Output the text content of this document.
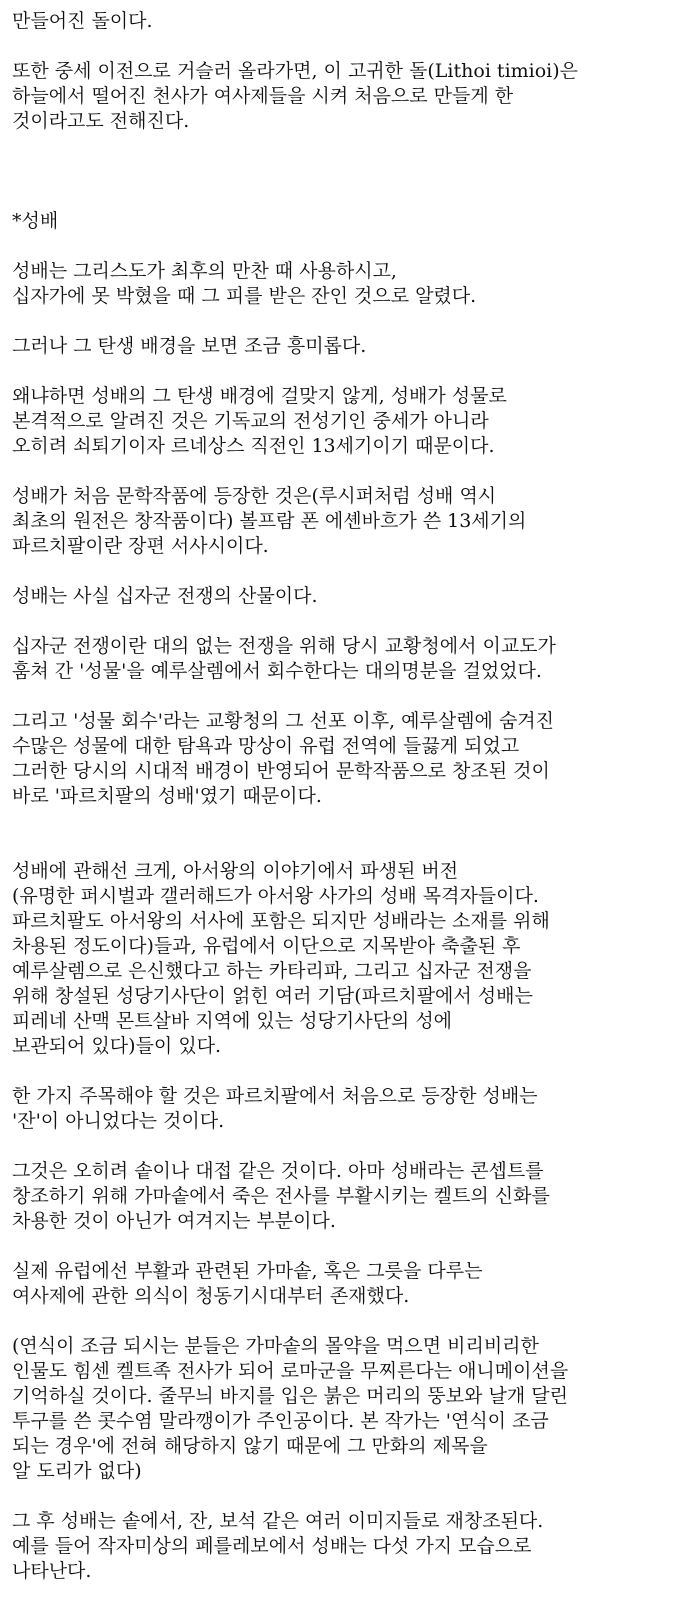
만들어진 돌이다.

또한 중세 이전으로 거슬러 올라가면, 이 고귀한 돌(Lithoi timioi)은
하늘에서 떨어진 천사가 여사제들을 시켜 처음으로 만들게 한
것이라고도 전해진다.

*성배

성배는 그리스도가 최후의 만찬 때 사용하시고,
십자가에 못 박혔을 때 그 피를 받은 잔인 것으로 알렸다.

그러나 그 탄생 배경을 보면 조금 흥미롭다.

왜냐하면 성배의 그 탄생 배경에 걸맞지 않게, 성배가 성물로
본격적으로 알려진 것은 기독교의 전성기인 중세가 아니라
오히려 쇠퇴기이자 르네상스 직전인 13세기이기 때문이다.

성배가 처음 문학작품에 등장한 것은(루시퍼처럼 성배 역시
최초의 원전은 창작품이다) 볼프람 폰 에셴바흐가 쓴 13세기의
파르치팔이란 장편 서사시이다.

성배는 사실 십자군 전쟁의 산물이다.

십자군 전쟁이란 대의 없는 전쟁을 위해 당시 교황청에서 이교도가
훔쳐 간 '성물'을 예루살렘에서 회수한다는 대의명분을 걸었었다.

그리고 '성물 회수'라는 교황청의 그 선포 이후, 예루살렘에 숨겨진
수많은 성물에 대한 탐욕과 망상이 유럽 전역에 들끓게 되었고
그러한 당시의 시대적 배경이 반영되어 문학작품으로 창조된 것이
바로 '파르치팔의 성배'였기 때문이다.

성배에 관해선 크게, 아서왕의 이야기에서 파생된 버전
(유명한 퍼시벌과 갤러해드가 아서왕 사가의 성배 목격자들이다.
파르치팔도 아서왕의 서사에 포함은 되지만 성배라는 소재를 위해
차용된 정도이다)들과, 유럽에서 이단으로 지목받아 축출된 후
예루살렘으로 은신했다고 하는 카타리파, 그리고 십자군 전쟁을
위해 창설된 성당기사단이 얽힌 여러 기담(파르치팔에서 성배는
피레네 산맥 몬트살바 지역에 있는 성당기사단의 성에
보관되어 있다)들이 있다.

한 가지 주목해야 할 것은 파르치팔에서 처음으로 등장한 성배는
'잔'이 아니었다는 것이다.

그것은 오히려 솥이나 대접 같은 것이다. 아마 성배라는 콘셉트를
창조하기 위해 가마솥에서 죽은 전사를 부활시키는 켈트의 신화를
차용한 것이 아닌가 여겨지는 부분이다.

실제 유럽에선 부활과 관련된 가마솥, 혹은 그릇을 다루는
여사제에 관한 의식이 청동기시대부터 존재했다.

(연식이 조금 되시는 분들은 가마솥의 몰약을 먹으면 비리비리한
인물도 힘센 켈트족 전사가 되어 로마군을 무찌른다는 애니메이션을
기억하실 것이다. 줄무늬 바지를 입은 붉은 머리의 뚱보와 날개 달린
투구를 쓴 콧수염 말라깽이가 주인공이다. 본 작가는 '연식이 조금
되는 경우'에 전혀 해당하지 않기 때문에 그 만화의 제목을
알 도리가 없다)

그 후 성배는 솥에서, 잔, 보석 같은 여러 이미지들로 재창조된다.
예를 들어 작자미상의 페를레보에서 성배는 다섯 가지 모습으로
나타난다.
